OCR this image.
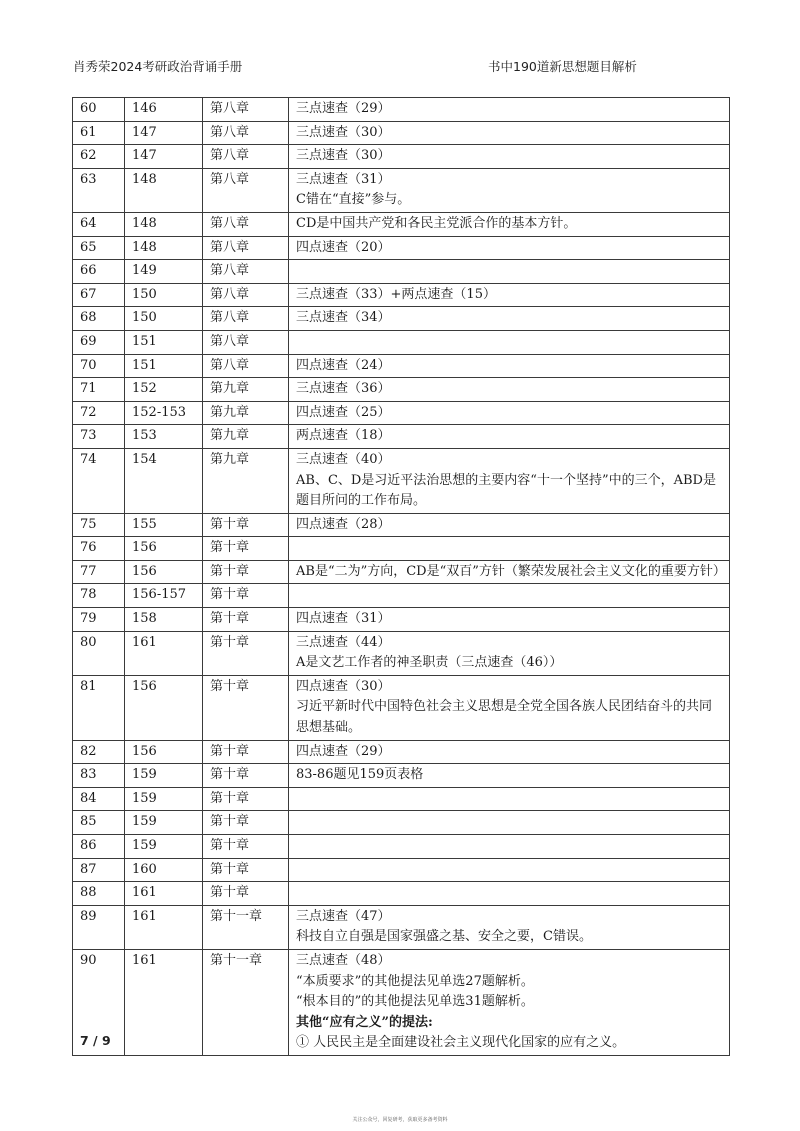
肖秀荣2024考研政治背诵手册	书中190道新思想题目解析
60	146	第八章	三点速查（29）

61	147	第八章	三点速查（30）

62	147	第八章	三点速查（30）

63	148	第八章	三点速查（31）
C错在“直接”参与。

64	148	第八章	CD是中国共产党和各民主党派合作的基本方针。

65	148	第八章	四点速查（20）

66	149	第八章	
67	150	第八章	三点速查（33）+两点速查（15）

68	150	第八章	三点速查（34）

69	151	第八章	
70	151	第八章	四点速查（24）

71	152	第九章	三点速查（36）

72	152-153	第九章	四点速查（25）

73	153	第九章	两点速查（18）

74	154	第九章	三点速查（40）
AB、C、D是习近平法治思想的主要内容“十一个坚持”中的三个，ABD是题目所问的工作布局。

75	155	第十章	四点速查（28）

76	156	第十章	
77	156	第十章	AB是“二为”方向，CD是“双百”方针（繁荣发展社会主义文化的重要方针）

78	156-157	第十章	
79	158	第十章	四点速查（31）

80	161	第十章	三点速查（44）
A是文艺工作者的神圣职责（三点速查（46））

81	156	第十章	四点速查（30）
习近平新时代中国特色社会主义思想是全党全国各族人民团结奋斗的共同思想基础。

82	156	第十章	四点速查（29）

83	159	第十章	83-86题见159页表格

84	159	第十章	
85	159	第十章	
86	159	第十章	
87	160	第十章	
88	161	第十章	
89	161	第十一章	三点速查（47）
科技自立自强是国家强盛之基、安全之要，C错误。

90	161	第十一章	三点速查（48）
“本质要求”的其他提法见单选27题解析。
“根本目的”的其他提法见单选31题解析。
其他“应有之义”的提法:
① 人民民主是全面建设社会主义现代化国家的应有之义。
7 / 9
关注公众号，回复研考，获取更多备考资料
